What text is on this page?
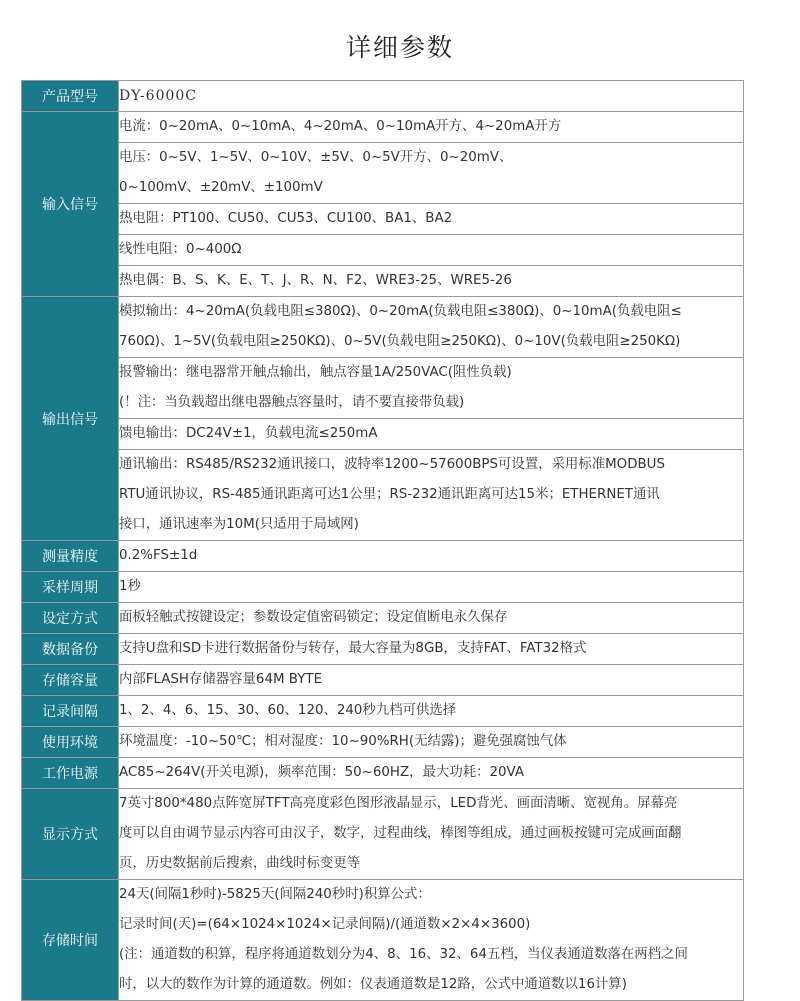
详细参数
产品型号	DY-6000C

输入信号	电流：0~20mA、0~10mA、4~20mA、0~10mA开方、4~20mA开方

	电压：0~5V、1~5V、0~10V、±5V、0~5V开方、0~20mV、
0~100mV、±20mV、±100mV

	热电阻：PT100、CU50、CU53、CU100、BA1、BA2

	线性电阻：0~400Ω

	热电偶：B、S、K、E、T、J、R、N、F2、WRE3-25、WRE5-26

输出信号	模拟输出：4~20mA(负载电阻≤380Ω)、0~20mA(负载电阻≤380Ω)、0~10mA(负载电阻≤
760Ω)、1~5V(负载电阻≥250KΩ)、0~5V(负载电阻≥250KΩ)、0~10V(负载电阻≥250KΩ)

	报警输出：继电器常开触点输出，触点容量1A/250VAC(阻性负载)
(！注：当负载超出继电器触点容量时，请不要直接带负载)

	馈电输出：DC24V±1，负载电流≤250mA

	通讯输出：RS485/RS232通讯接口，波特率1200~57600BPS可设置，采用标准MODBUS
RTU通讯协议，RS-485通讯距离可达1公里；RS-232通讯距离可达15米；ETHERNET通讯
接口，通讯速率为10M(只适用于局域网)

测量精度	0.2%FS±1d

采样周期	1秒

设定方式	面板轻触式按键设定；参数设定值密码锁定；设定值断电永久保存

数据备份	支持U盘和SD卡进行数据备份与转存，最大容量为8GB，支持FAT、FAT32格式

存储容量	内部FLASH存储器容量64M BYTE

记录间隔	1、2、4、6、15、30、60、120、240秒九档可供选择

使用环境	环境温度：-10~50℃；相对湿度：10~90%RH(无结露)；避免强腐蚀气体

工作电源	AC85~264V(开关电源)，频率范围：50~60HZ，最大功耗：20VA

显示方式	7英寸800*480点阵宽屏TFT高亮度彩色图形液晶显示，LED背光、画面清晰、宽视角。屏幕亮
度可以自由调节显示内容可由汉子，数字，过程曲线，棒图等组成，通过画板按键可完成画面翻
页，历史数据前后搜索，曲线时标变更等

存储时间	24天(间隔1秒时)-5825天(间隔240秒时)积算公式：
记录时间(天)=(64×1024×1024×记录间隔)/(通道数×2×4×3600)
(注：通道数的积算，程序将通道数划分为4、8、16、32、64五档，当仪表通道数落在两档之间
时，以大的数作为计算的通道数。例如：仪表通道数是12路，公式中通道数以16计算)
